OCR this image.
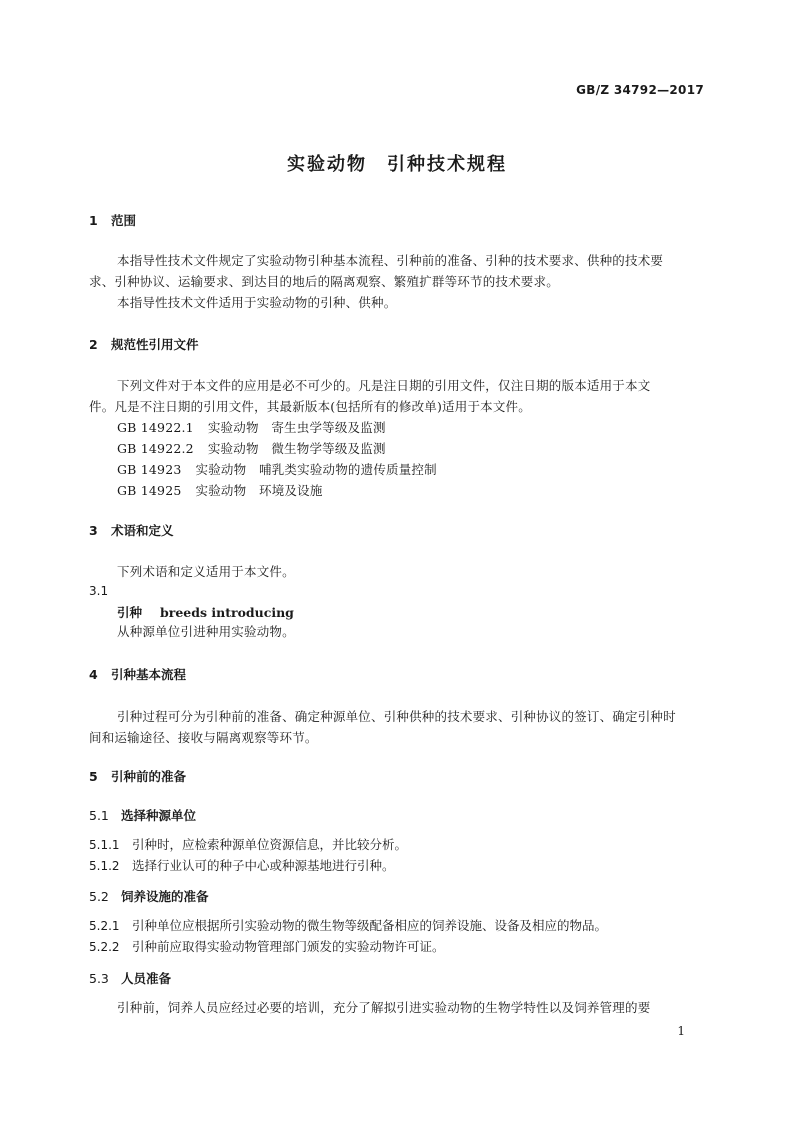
GB/Z 34792—2017
实验动物　引种技术规程
1 范围
本指导性技术文件规定了实验动物引种基本流程、引种前的准备、引种的技术要求、供种的技术要
求、引种协议、运输要求、到达目的地后的隔离观察、繁殖扩群等环节的技术要求。
本指导性技术文件适用于实验动物的引种、供种。
2 规范性引用文件
下列文件对于本文件的应用是必不可少的。凡是注日期的引用文件，仅注日期的版本适用于本文
件。凡是不注日期的引用文件，其最新版本(包括所有的修改单)适用于本文件。
GB 14922.1 实验动物　寄生虫学等级及监测
GB 14922.2 实验动物　微生物学等级及监测
GB 14923 实验动物　哺乳类实验动物的遗传质量控制
GB 14925 实验动物　环境及设施
3 术语和定义
下列术语和定义适用于本文件。
3.1
引种 breeds introducing
从种源单位引进种用实验动物。
4 引种基本流程
引种过程可分为引种前的准备、确定种源单位、引种供种的技术要求、引种协议的签订、确定引种时
间和运输途径、接收与隔离观察等环节。
5 引种前的准备
5.1 选择种源单位
5.1.1 引种时，应检索种源单位资源信息，并比较分析。
5.1.2 选择行业认可的种子中心或种源基地进行引种。
5.2 饲养设施的准备
5.2.1 引种单位应根据所引实验动物的微生物等级配备相应的饲养设施、设备及相应的物品。
5.2.2 引种前应取得实验动物管理部门颁发的实验动物许可证。
5.3 人员准备
引种前，饲养人员应经过必要的培训，充分了解拟引进实验动物的生物学特性以及饲养管理的要
1
